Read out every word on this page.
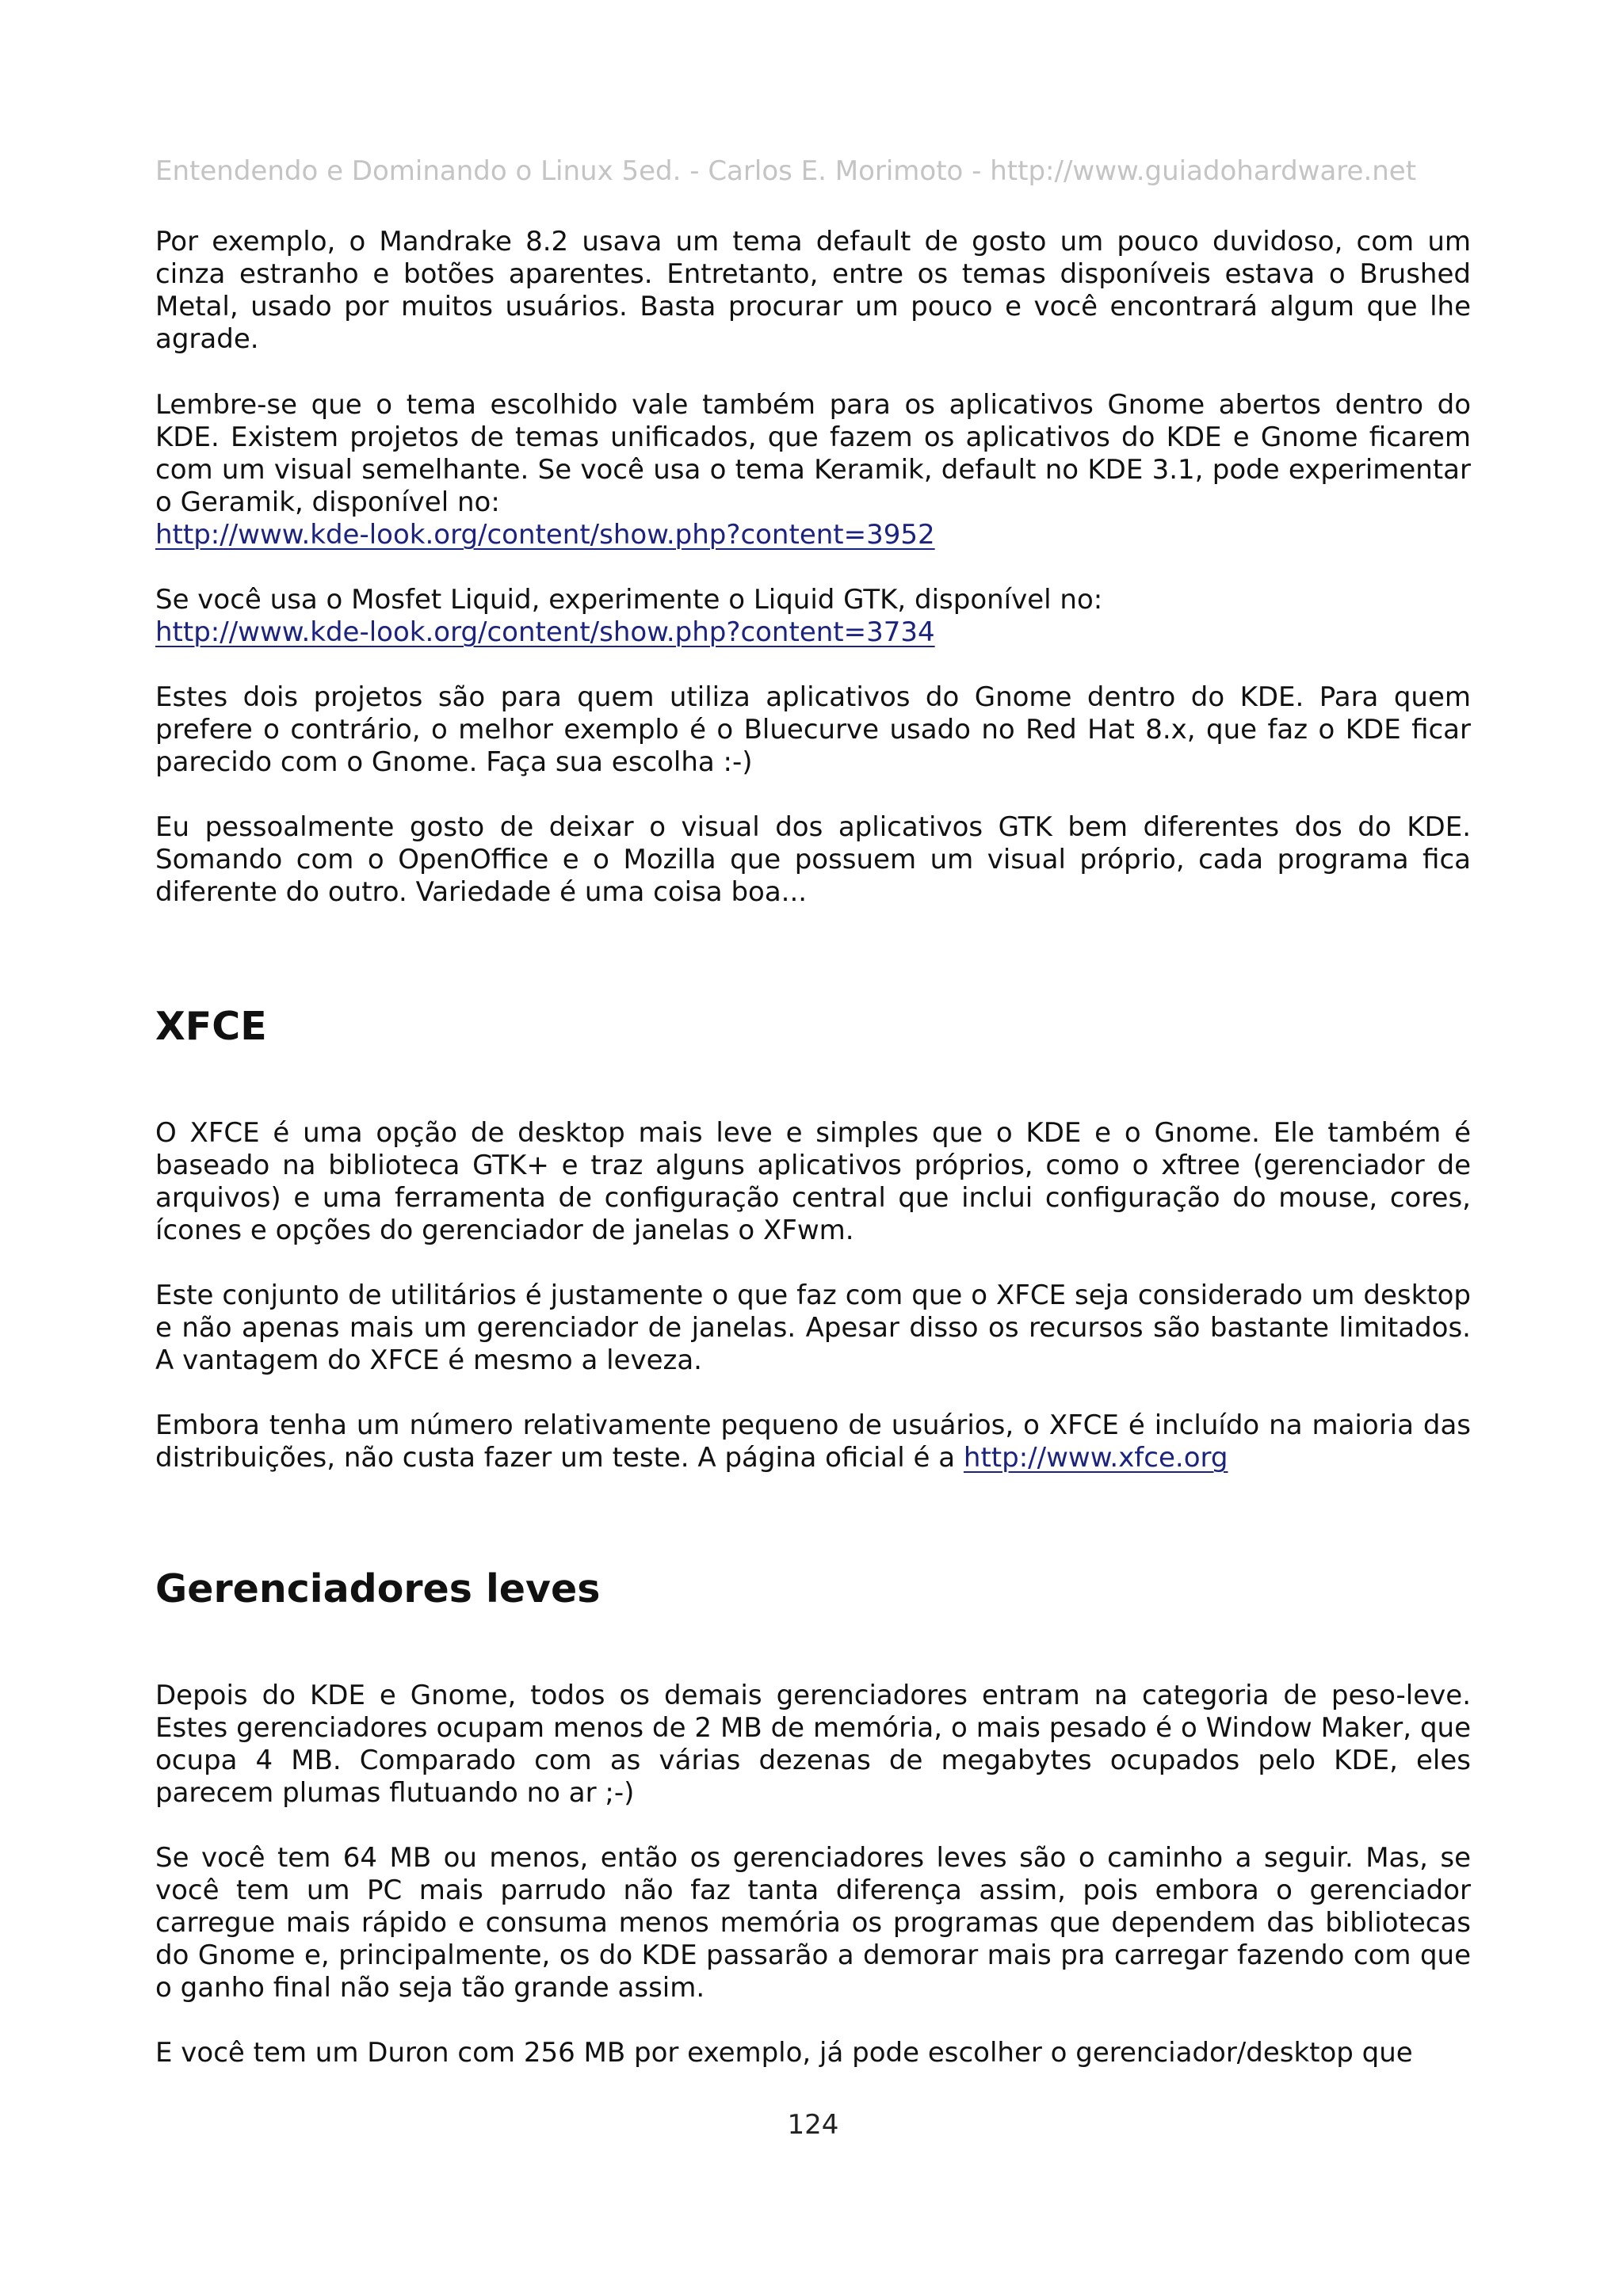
Entendendo e Dominando o Linux 5ed. - Carlos E. Morimoto - http://www.guiadohardware.net

Por exemplo, o Mandrake 8.2 usava um tema default de gosto um pouco duvidoso, com um cinza estranho e botões aparentes. Entretanto, entre os temas disponíveis estava o Brushed Metal, usado por muitos usuários. Basta procurar um pouco e você encontrará algum que lhe agrade.

Lembre-se que o tema escolhido vale também para os aplicativos Gnome abertos dentro do KDE. Existem projetos de temas unificados, que fazem os aplicativos do KDE e Gnome ficarem com um visual semelhante. Se você usa o tema Keramik, default no KDE 3.1, pode experimentar o Geramik, disponível no:
http://www.kde-look.org/content/show.php?content=3952
Se você usa o Mosfet Liquid, experimente o Liquid GTK, disponível no:
http://www.kde-look.org/content/show.php?content=3734

Estes dois projetos são para quem utiliza aplicativos do Gnome dentro do KDE. Para quem prefere o contrário, o melhor exemplo é o Bluecurve usado no Red Hat 8.x, que faz o KDE ficar parecido com o Gnome. Faça sua escolha :-)

Eu pessoalmente gosto de deixar o visual dos aplicativos GTK bem diferentes dos do KDE. Somando com o OpenOffice e o Mozilla que possuem um visual próprio, cada programa fica diferente do outro. Variedade é uma coisa boa...

XFCE

O XFCE é uma opção de desktop mais leve e simples que o KDE e o Gnome. Ele também é baseado na biblioteca GTK+ e traz alguns aplicativos próprios, como o xftree (gerenciador de arquivos) e uma ferramenta de configuração central que inclui configuração do mouse, cores, ícones e opções do gerenciador de janelas o XFwm.

Este conjunto de utilitários é justamente o que faz com que o XFCE seja considerado um desktop e não apenas mais um gerenciador de janelas. Apesar disso os recursos são bastante limitados. A vantagem do XFCE é mesmo a leveza.

Embora tenha um número relativamente pequeno de usuários, o XFCE é incluído na maioria das distribuições, não custa fazer um teste. A página oficial é a http://www.xfce.org

Gerenciadores leves

Depois do KDE e Gnome, todos os demais gerenciadores entram na categoria de peso-leve. Estes gerenciadores ocupam menos de 2 MB de memória, o mais pesado é o Window Maker, que ocupa 4 MB. Comparado com as várias dezenas de megabytes ocupados pelo KDE, eles parecem plumas flutuando no ar ;-)

Se você tem 64 MB ou menos, então os gerenciadores leves são o caminho a seguir. Mas, se você tem um PC mais parrudo não faz tanta diferença assim, pois embora o gerenciador carregue mais rápido e consuma menos memória os programas que dependem das bibliotecas do Gnome e, principalmente, os do KDE passarão a demorar mais pra carregar fazendo com que o ganho final não seja tão grande assim.

E você tem um Duron com 256 MB por exemplo, já pode escolher o gerenciador/desktop que

124
